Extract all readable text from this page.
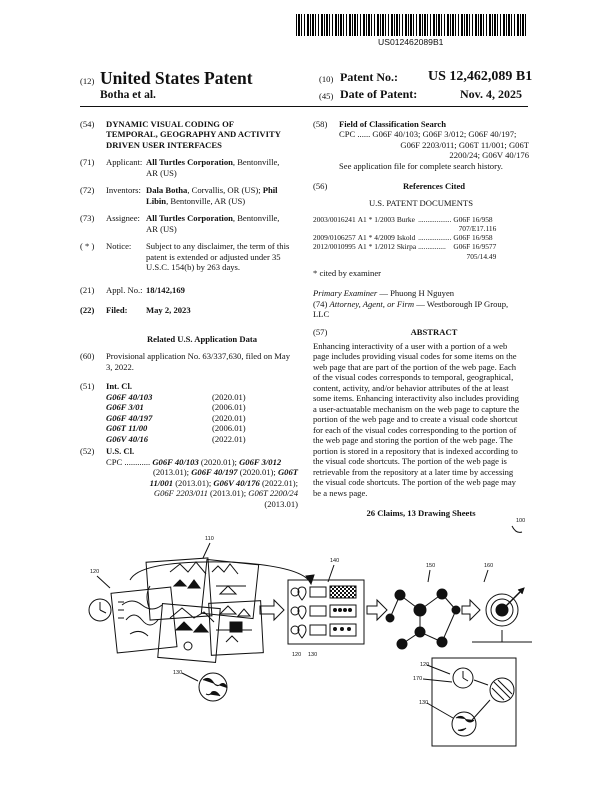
US012462089B1
(12) United States Patent
Botha et al.
(10) Patent No.: US 12,462,089 B1
(45) Date of Patent:	Nov. 4, 2025
(54)	DYNAMIC VISUAL CODING OF
TEMPORAL, GEOGRAPHY AND ACTIVITY
DRIVEN USER INTERFACES
(71)	Applicant: All Turtles Corporation, Bentonville,
AR (US)
(72)	Inventors: Dala Botha, Corvallis, OR (US); Phil
Libin, Bentonville, AR (US)
(73)	Assignee: All Turtles Corporation, Bentonville,
AR (US)
( * )	Notice:	Subject to any disclaimer, the term of this
patent is extended or adjusted under 35
U.S.C. 154(b) by 263 days.
(21)	Appl. No.: 18/142,169
(22)	Filed:	May 2, 2023
Related U.S. Application Data
(60)	Provisional application No. 63/337,630, filed on May
3, 2022.
(51)	Int. Cl.
G06F 40/103	(2020.01)
G06F 3/01	(2006.01)
G06F 40/197	(2020.01)
G06T 11/00	(2006.01)
G06V 40/16	(2022.01)
(52)	U.S. Cl.
CPC ............ G06F 40/103 (2020.01); G06F 3/012
(2013.01); G06F 40/197 (2020.01); G06T
11/001 (2013.01); G06V 40/176 (2022.01);
G06F 2203/011 (2013.01); G06T 2200/24
(2013.01)
(58)	Field of Classification Search
CPC ...... G06F 40/103; G06F 3/012; G06F 40/197;
G06F 2203/011; G06T 11/001; G06T
2200/24; G06V 40/176
See application file for complete search history.
(56)	References Cited
U.S. PATENT DOCUMENTS
2003/0016241	A1 *	1/2003	Burke	..................	G06F 16/958
707/E17.116					
2009/0106257	A1 *	4/2009	Iskold	..................	G06F 16/958
2012/0010995	A1 *	1/2012	Skirpa	...............	G06F 16/9577
705/14.49					
* cited by examiner
Primary Examiner — Phuong H Nguyen
(74) Attorney, Agent, or Firm — Westborough IP Group,
LLC
(57)	ABSTRACT
Enhancing interactivity of a user with a portion of a web
page includes providing visual codes for some items on the
web page that are part of the portion of the web page. Each
of the visual codes corresponds to temporal, geographical,
content, activity, and/or behavior attributes of the at least
some items. Enhancing interactivity also includes providing
a user-actuatable mechanism on the web page to capture the
portion of the web page and to create a visual code shortcut
for each of the visual codes corresponding to the portion of
the web page and storing the portion of the web page. The
portion is stored in a repository that is indexed according to
the visual code shortcuts. The portion of the web page is
retrievable from the repository at a later time by accessing
the visual code shortcuts. The portion of the web page may
be a news page.
26 Claims, 13 Drawing Sheets
100
110
120
140
150	160
130
120 130
120
170
130
